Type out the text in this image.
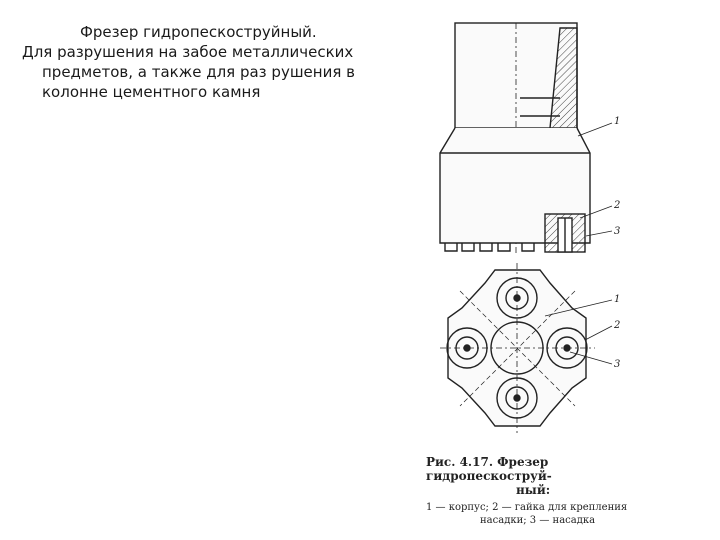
Фрезер гидропескоструйный.
Для разрушения на забое металлических
предметов, а также для раз рушения в
колонне цементного камня
1
2
3
1
2
3
Рис. 4.17. Фрезер гидропескоструй-
ный:
1 — корпус; 2 — гайка для крепления
насадки; 3 — насадка
